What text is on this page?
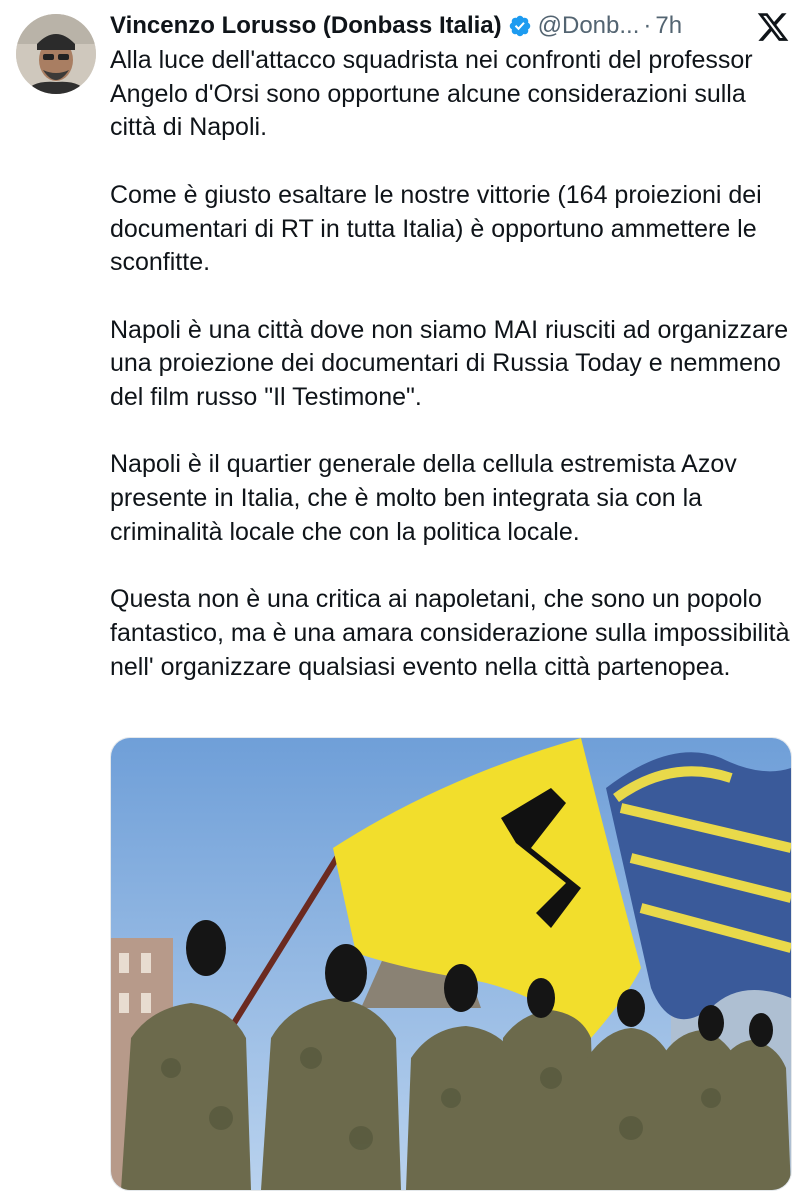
Vincenzo Lorusso (Donbass Italia) @Donb... · 7h

Alla luce dell'attacco squadrista nei confronti del professor Angelo d'Orsi sono opportune alcune considerazioni sulla città di Napoli.

Come è giusto esaltare le nostre vittorie (164 proiezioni dei documentari di RT in tutta Italia) è opportuno ammettere le sconfitte.

Napoli è una città dove non siamo MAI riusciti ad organizzare una proiezione dei documentari di Russia Today e nemmeno del film russo "Il Testimone".

Napoli è il quartier generale della cellula estremista Azov presente in Italia, che è molto ben integrata sia con la criminalità locale che con la politica locale.

Questa non è una critica ai napoletani, che sono un popolo fantastico, ma è una amara considerazione sulla impossibilità nell' organizzare qualsiasi evento nella città partenopea.
